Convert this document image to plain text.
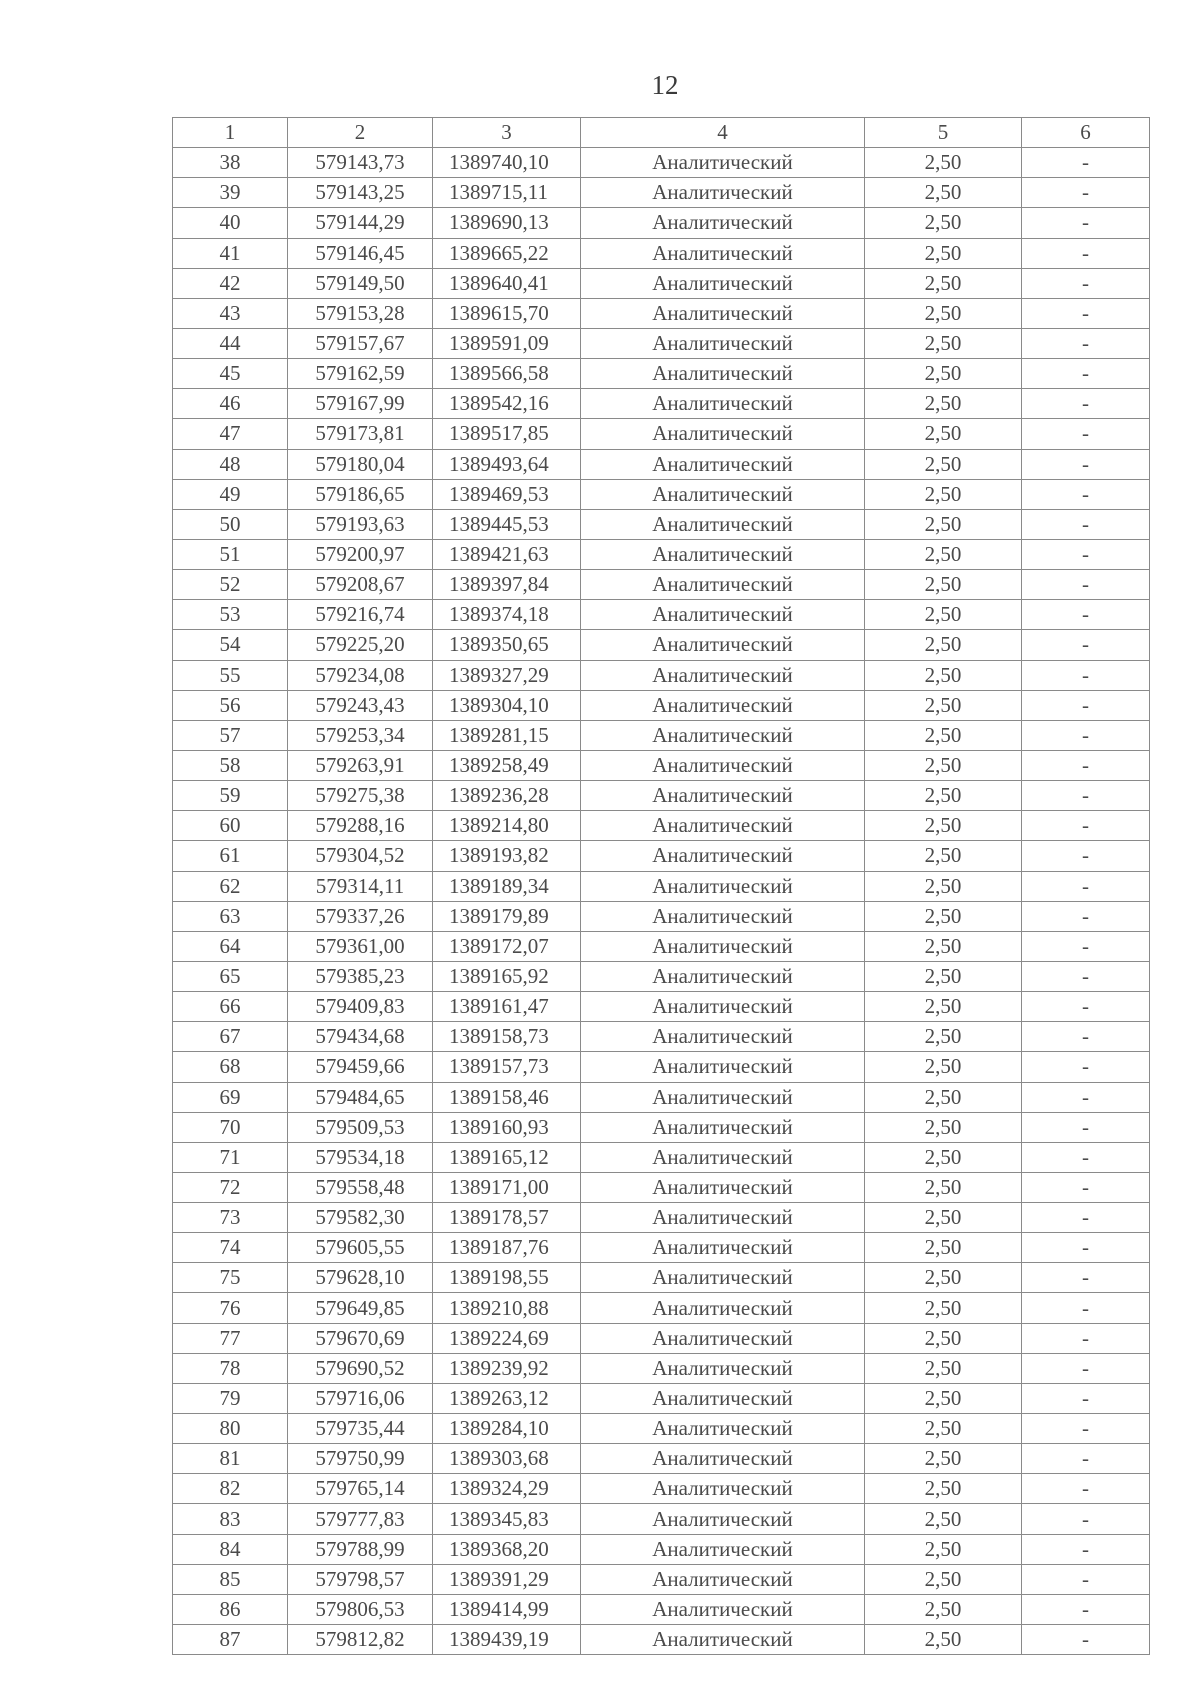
12
1	2	3	4	5	6
38	579143,73	1389740,10	Аналитический	2,50	-
39	579143,25	1389715,11	Аналитический	2,50	-
40	579144,29	1389690,13	Аналитический	2,50	-
41	579146,45	1389665,22	Аналитический	2,50	-
42	579149,50	1389640,41	Аналитический	2,50	-
43	579153,28	1389615,70	Аналитический	2,50	-
44	579157,67	1389591,09	Аналитический	2,50	-
45	579162,59	1389566,58	Аналитический	2,50	-
46	579167,99	1389542,16	Аналитический	2,50	-
47	579173,81	1389517,85	Аналитический	2,50	-
48	579180,04	1389493,64	Аналитический	2,50	-
49	579186,65	1389469,53	Аналитический	2,50	-
50	579193,63	1389445,53	Аналитический	2,50	-
51	579200,97	1389421,63	Аналитический	2,50	-
52	579208,67	1389397,84	Аналитический	2,50	-
53	579216,74	1389374,18	Аналитический	2,50	-
54	579225,20	1389350,65	Аналитический	2,50	-
55	579234,08	1389327,29	Аналитический	2,50	-
56	579243,43	1389304,10	Аналитический	2,50	-
57	579253,34	1389281,15	Аналитический	2,50	-
58	579263,91	1389258,49	Аналитический	2,50	-
59	579275,38	1389236,28	Аналитический	2,50	-
60	579288,16	1389214,80	Аналитический	2,50	-
61	579304,52	1389193,82	Аналитический	2,50	-
62	579314,11	1389189,34	Аналитический	2,50	-
63	579337,26	1389179,89	Аналитический	2,50	-
64	579361,00	1389172,07	Аналитический	2,50	-
65	579385,23	1389165,92	Аналитический	2,50	-
66	579409,83	1389161,47	Аналитический	2,50	-
67	579434,68	1389158,73	Аналитический	2,50	-
68	579459,66	1389157,73	Аналитический	2,50	-
69	579484,65	1389158,46	Аналитический	2,50	-
70	579509,53	1389160,93	Аналитический	2,50	-
71	579534,18	1389165,12	Аналитический	2,50	-
72	579558,48	1389171,00	Аналитический	2,50	-
73	579582,30	1389178,57	Аналитический	2,50	-
74	579605,55	1389187,76	Аналитический	2,50	-
75	579628,10	1389198,55	Аналитический	2,50	-
76	579649,85	1389210,88	Аналитический	2,50	-
77	579670,69	1389224,69	Аналитический	2,50	-
78	579690,52	1389239,92	Аналитический	2,50	-
79	579716,06	1389263,12	Аналитический	2,50	-
80	579735,44	1389284,10	Аналитический	2,50	-
81	579750,99	1389303,68	Аналитический	2,50	-
82	579765,14	1389324,29	Аналитический	2,50	-
83	579777,83	1389345,83	Аналитический	2,50	-
84	579788,99	1389368,20	Аналитический	2,50	-
85	579798,57	1389391,29	Аналитический	2,50	-
86	579806,53	1389414,99	Аналитический	2,50	-
87	579812,82	1389439,19	Аналитический	2,50	-
